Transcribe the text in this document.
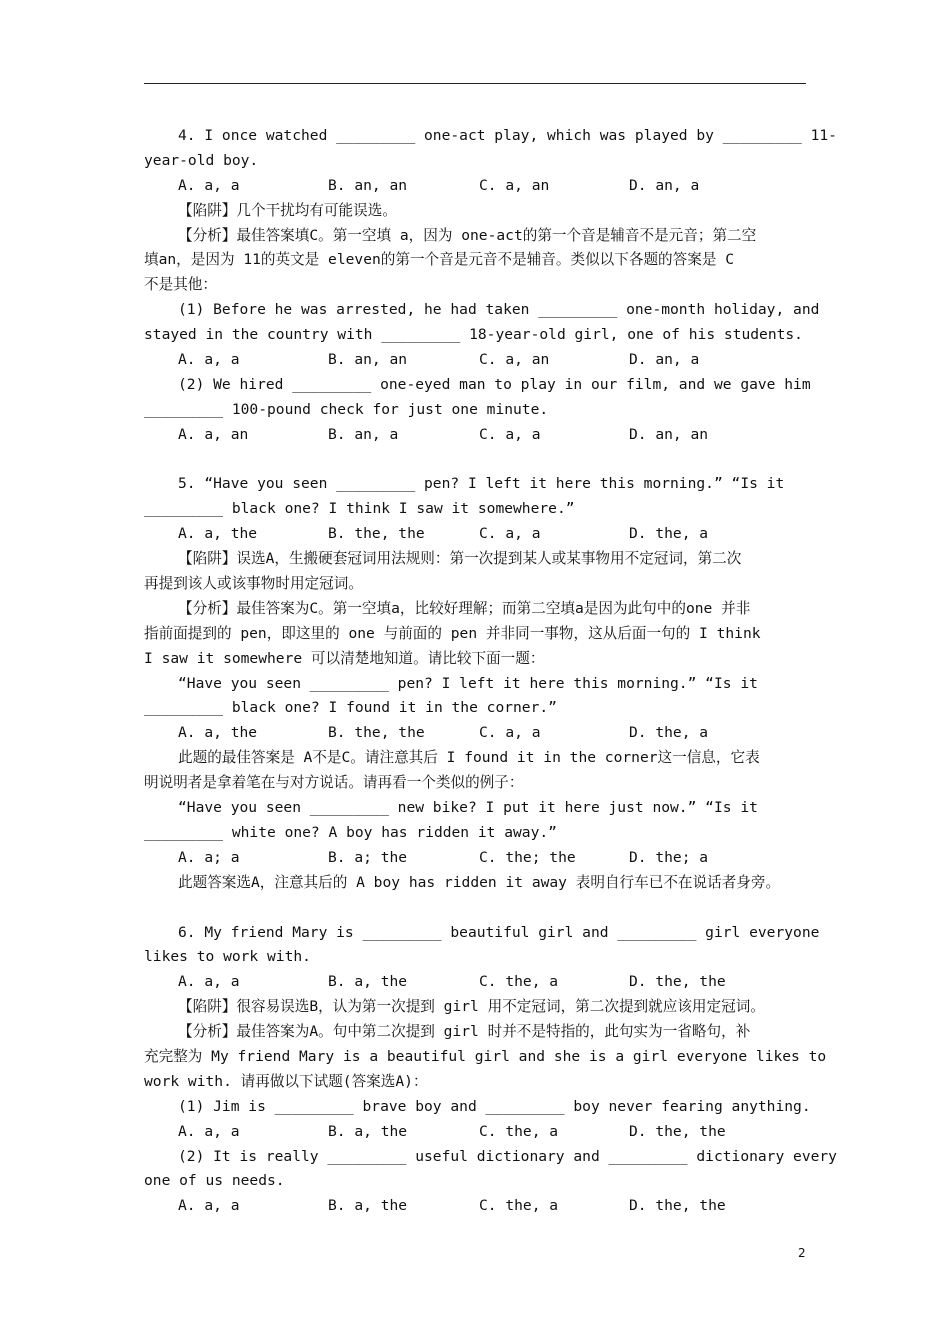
4. I once watched _________ one-act play, which was played by _________ 11-
year-old boy.
A. a, a	B. an, an	C. a, an	D. an, a
【陷阱】几个干扰均有可能误选。
【分析】最佳答案填C。第一空填 a，因为 one-act的第一个音是辅音不是元音；第二空
填an，是因为 11的英文是 eleven的第一个音是元音不是辅音。类似以下各题的答案是 C
不是其他：
(1) Before he was arrested, he had taken _________ one-month holiday, and
stayed in the country with _________ 18-year-old girl, one of his students.
A. a, a	B. an, an	C. a, an	D. an, a
(2) We hired _________ one-eyed man to play in our film, and we gave him
_________ 100-pound check for just one minute.
A. a, an	B. an, a	C. a, a	D. an, an
5. “Have you seen _________ pen? I left it here this morning.” “Is it
_________ black one? I think I saw it somewhere.”
A. a, the	B. the, the	C. a, a	D. the, a
【陷阱】误选A，生搬硬套冠词用法规则：第一次提到某人或某事物用不定冠词，第二次
再提到该人或该事物时用定冠词。
【分析】最佳答案为C。第一空填a，比较好理解；而第二空填a是因为此句中的one 并非
指前面提到的 pen，即这里的 one 与前面的 pen 并非同一事物，这从后面一句的 I think
I saw it somewhere 可以清楚地知道。请比较下面一题：
“Have you seen _________ pen? I left it here this morning.” “Is it
_________ black one? I found it in the corner.”
A. a, the	B. the, the	C. a, a	D. the, a
此题的最佳答案是 A不是C。请注意其后 I found it in the corner这一信息，它表
明说明者是拿着笔在与对方说话。请再看一个类似的例子：
“Have you seen _________ new bike? I put it here just now.” “Is it
_________ white one? A boy has ridden it away.”
A. a; a	B. a; the	C. the; the	D. the; a
此题答案选A，注意其后的 A boy has ridden it away 表明自行车已不在说话者身旁。
6. My friend Mary is _________ beautiful girl and _________ girl everyone
likes to work with.
A. a, a	B. a, the	C. the, a	D. the, the
【陷阱】很容易误选B，认为第一次提到 girl 用不定冠词，第二次提到就应该用定冠词。
【分析】最佳答案为A。句中第二次提到 girl 时并不是特指的，此句实为一省略句，补
充完整为 My friend Mary is a beautiful girl and she is a girl everyone likes to
work with. 请再做以下试题(答案选A)：
(1) Jim is _________ brave boy and _________ boy never fearing anything.
A. a, a	B. a, the	C. the, a	D. the, the
(2) It is really _________ useful dictionary and _________ dictionary every
one of us needs.
A. a, a	B. a, the	C. the, a	D. the, the
2
